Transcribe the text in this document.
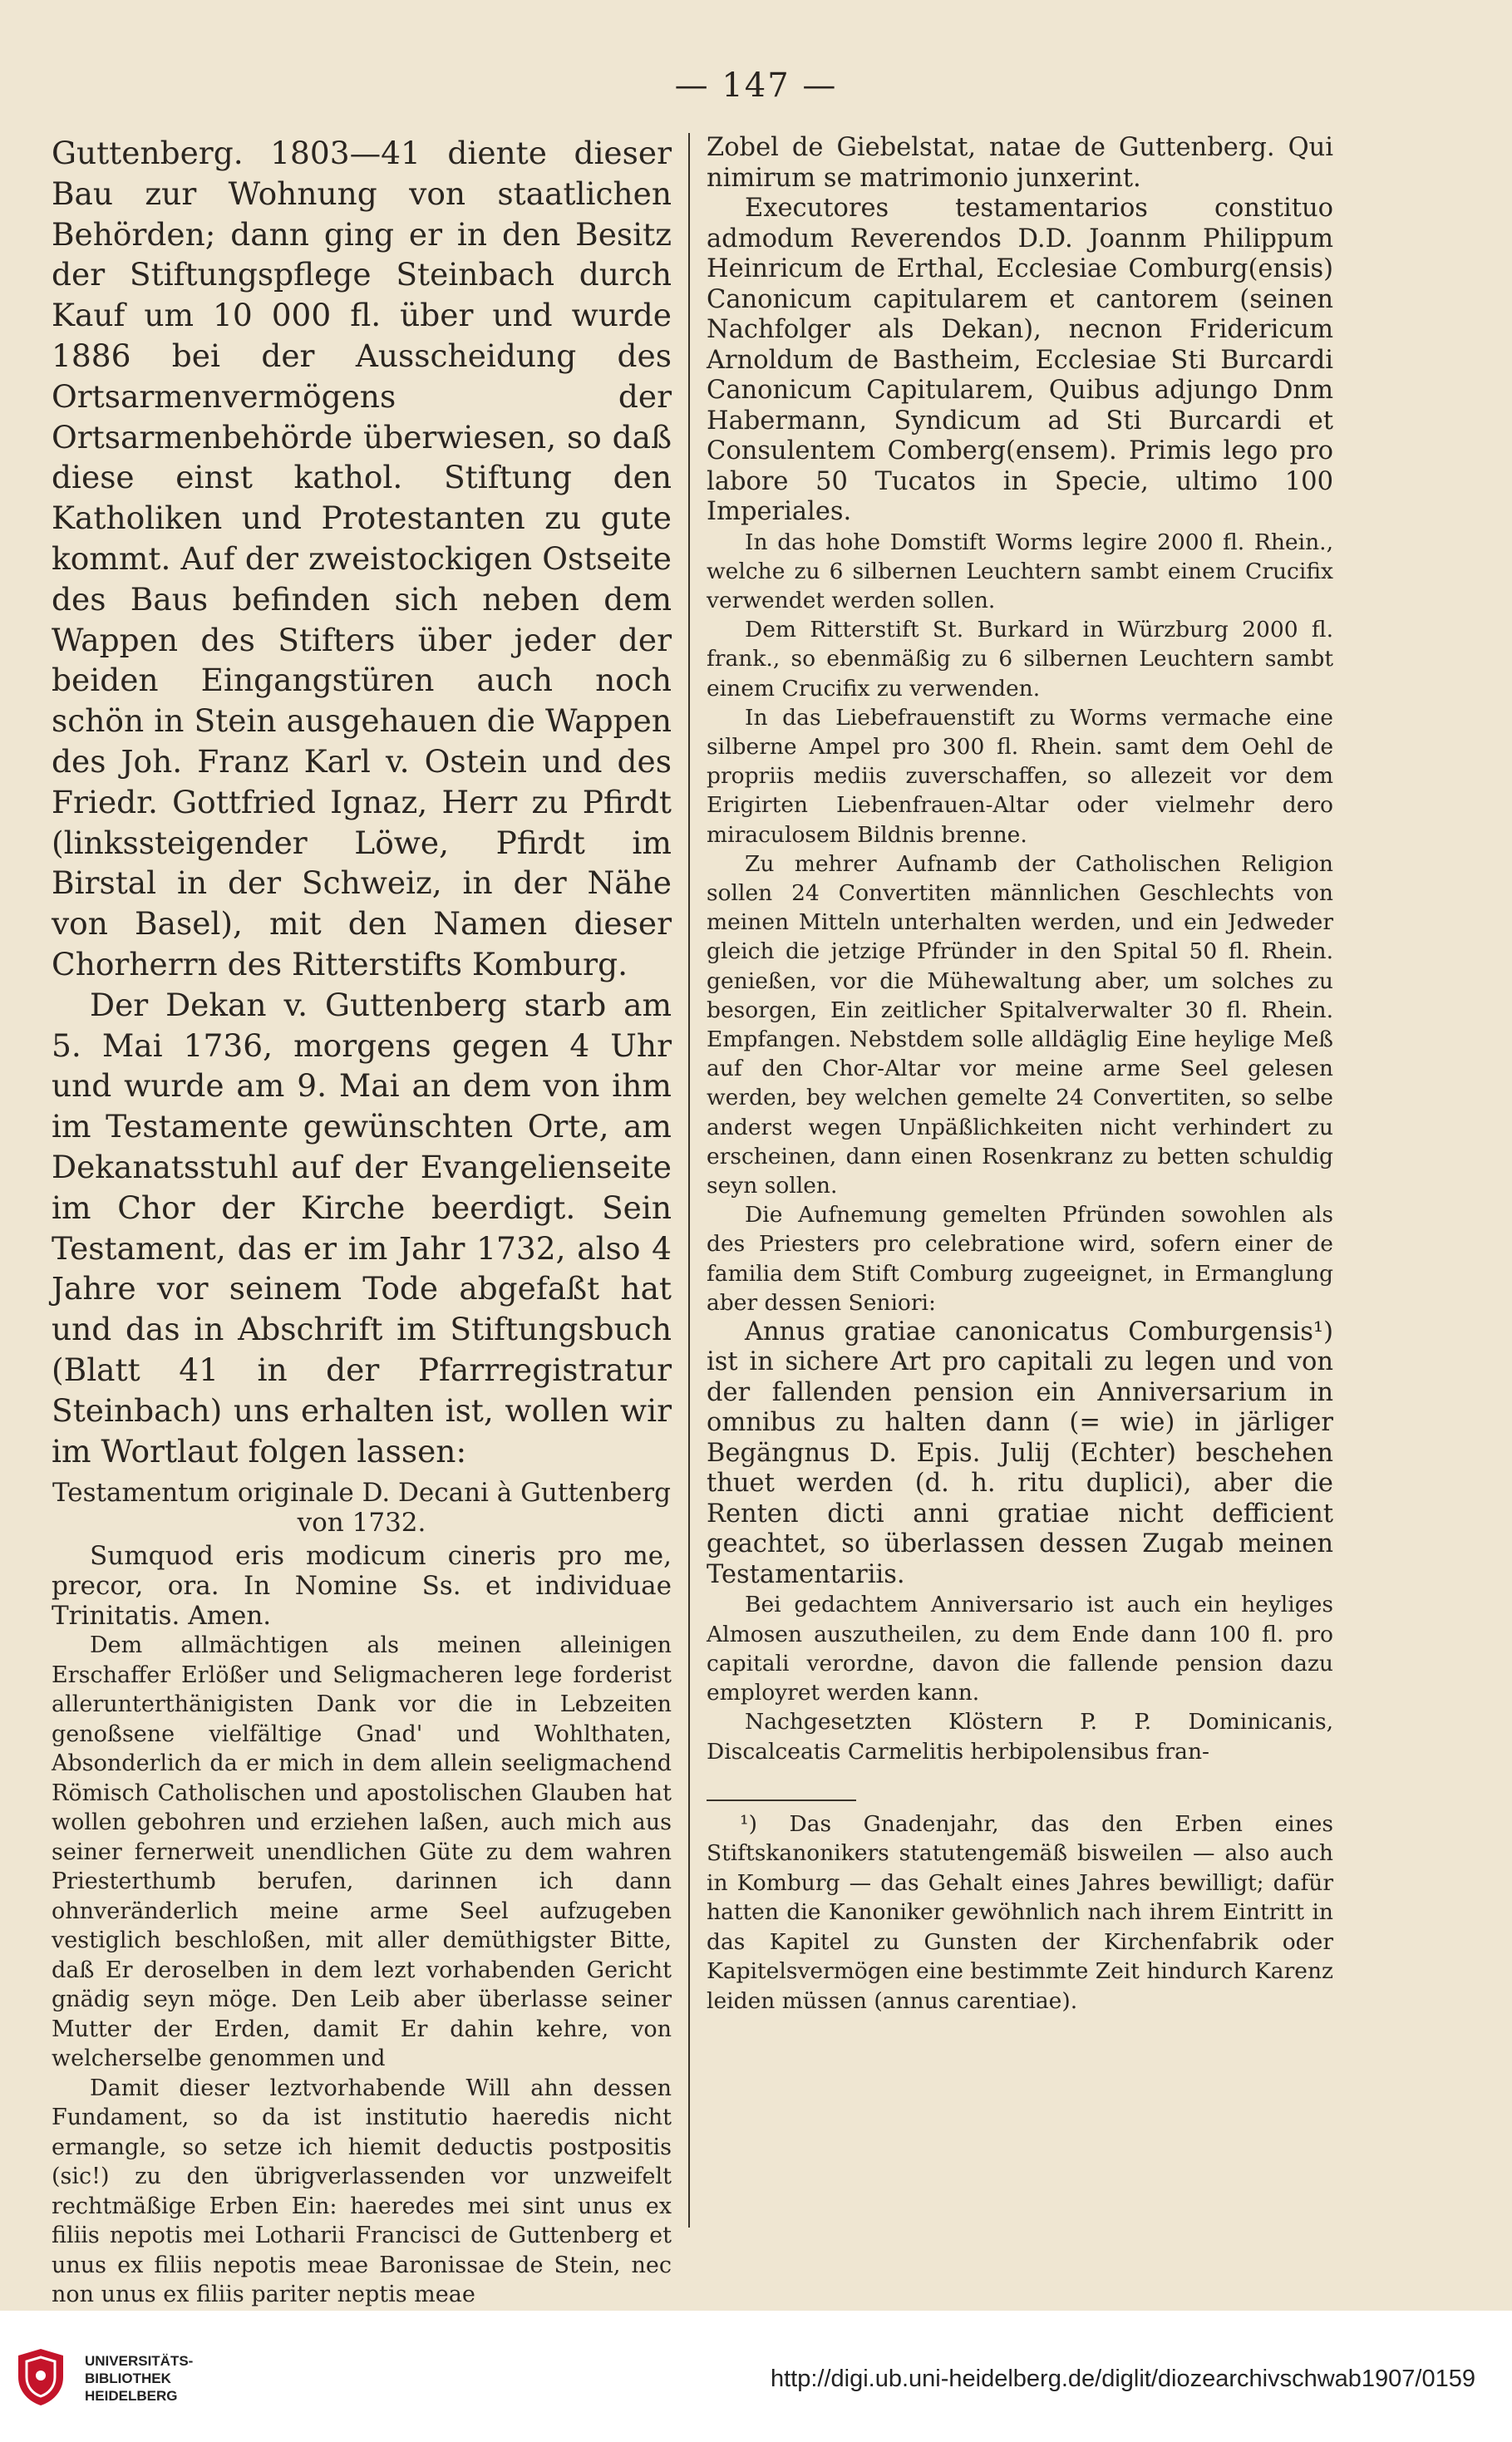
— 147 —

Guttenberg. 1803—41 diente dieser Bau zur Wohnung von staatlichen Behörden; dann ging er in den Besitz der Stiftungspflege Steinbach durch Kauf um 10 000 fl. über und wurde 1886 bei der Ausscheidung des Ortsarmenvermögens der Ortsarmenbehörde überwiesen, so daß diese einst kathol. Stiftung den Katholiken und Protestanten zu gute kommt. Auf der zweistockigen Ostseite des Baus befinden sich neben dem Wappen des Stifters über jeder der beiden Eingangstüren auch noch schön in Stein ausgehauen die Wappen des Joh. Franz Karl v. Ostein und des Friedr. Gottfried Ignaz, Herr zu Pfirdt (linkssteigender Löwe, Pfirdt im Birstal in der Schweiz, in der Nähe von Basel), mit den Namen dieser Chorherrn des Ritterstifts Komburg.

Der Dekan v. Guttenberg starb am 5. Mai 1736, morgens gegen 4 Uhr und wurde am 9. Mai an dem von ihm im Testamente gewünschten Orte, am Dekanatsstuhl auf der Evangelienseite im Chor der Kirche beerdigt. Sein Testament, das er im Jahr 1732, also 4 Jahre vor seinem Tode abgefaßt hat und das in Abschrift im Stiftungsbuch (Blatt 41 in der Pfarrregistratur Steinbach) uns erhalten ist, wollen wir im Wortlaut folgen lassen:

Testamentum originale D. Decani à Guttenberg von 1732.

Sumquod eris modicum cineris pro me, precor, ora. In Nomine Ss. et individuae Trinitatis. Amen.

Dem allmächtigen als meinen alleinigen Erschaffer Erlößer und Seligmacheren lege forderist allerunterthänigisten Dank vor die in Lebzeiten genoßsene vielfältige Gnad' und Wohlthaten, Absonderlich da er mich in dem allein seeligmachend Römisch Catholischen und apostolischen Glauben hat wollen gebohren und erziehen laßen, auch mich aus seiner fernerweit unendlichen Güte zu dem wahren Priesterthumb berufen, darinnen ich dann ohnveränderlich meine arme Seel aufzugeben vestiglich beschloßen, mit aller demüthigster Bitte, daß Er deroselben in dem lezt vorhabenden Gericht gnädig seyn möge. Den Leib aber überlasse seiner Mutter der Erden, damit Er dahin kehre, von welcherselbe genommen und

Damit dieser leztvorhabende Will ahn dessen Fundament, so da ist institutio haeredis nicht ermangle, so setze ich hiemit deductis postpositis (sic!) zu den übrigverlassenden vor unzweifelt rechtmäßige Erben Ein: haeredes mei sint unus ex filiis nepotis mei Lotharii Francisci de Guttenberg et unus ex filiis nepotis meae Baronissae de Stein, nec non unus ex filiis pariter neptis meae

Zobel de Giebelstat, natae de Guttenberg. Qui nimirum se matrimonio junxerint.

Executores testamentarios constituo admodum Reverendos D.D. Joannm Philippum Heinricum de Erthal, Ecclesiae Comburg(ensis) Canonicum capitularem et cantorem (seinen Nachfolger als Dekan), necnon Fridericum Arnoldum de Bastheim, Ecclesiae Sti Burcardi Canonicum Capitularem, Quibus adjungo Dnm Habermann, Syndicum ad Sti Burcardi et Consulentem Comberg(ensem). Primis lego pro labore 50 Tucatos in Specie, ultimo 100 Imperiales.

In das hohe Domstift Worms legire 2000 fl. Rhein., welche zu 6 silbernen Leuchtern sambt einem Crucifix verwendet werden sollen.

Dem Ritterstift St. Burkard in Würzburg 2000 fl. frank., so ebenmäßig zu 6 silbernen Leuchtern sambt einem Crucifix zu verwenden.

In das Liebefrauenstift zu Worms vermache eine silberne Ampel pro 300 fl. Rhein. samt dem Oehl de propriis mediis zuverschaffen, so allezeit vor dem Erigirten Liebenfrauen-Altar oder vielmehr dero miraculosem Bildnis brenne.

Zu mehrer Aufnamb der Catholischen Religion sollen 24 Convertiten männlichen Geschlechts von meinen Mitteln unterhalten werden, und ein Jedweder gleich die jetzige Pfründer in den Spital 50 fl. Rhein. genießen, vor die Mühewaltung aber, um solches zu besorgen, Ein zeitlicher Spitalverwalter 30 fl. Rhein. Empfangen. Nebstdem solle alldäglig Eine heylige Meß auf den Chor-Altar vor meine arme Seel gelesen werden, bey welchen gemelte 24 Convertiten, so selbe anderst wegen Unpäßlichkeiten nicht verhindert zu erscheinen, dann einen Rosenkranz zu betten schuldig seyn sollen.

Die Aufnemung gemelten Pfründen sowohlen als des Priesters pro celebratione wird, sofern einer de familia dem Stift Comburg zugeeignet, in Ermanglung aber dessen Seniori:

Annus gratiae canonicatus Comburgensis¹) ist in sichere Art pro capitali zu legen und von der fallenden pension ein Anniversarium in omnibus zu halten dann (= wie) in järliger Begängnus D. Epis. Julij (Echter) beschehen thuet werden (d. h. ritu duplici), aber die Renten dicti anni gratiae nicht defficient geachtet, so überlassen dessen Zugab meinen Testamentariis.

Bei gedachtem Anniversario ist auch ein heyliges Almosen auszutheilen, zu dem Ende dann 100 fl. pro capitali verordne, davon die fallende pension dazu employret werden kann.

Nachgesetzten Klöstern P. P. Dominicanis, Discalceatis Carmelitis herbipolensibus fran-

¹) Das Gnadenjahr, das den Erben eines Stiftskanonikers statutengemäß bisweilen — also auch in Komburg — das Gehalt eines Jahres bewilligt; dafür hatten die Kanoniker gewöhnlich nach ihrem Eintritt in das Kapitel zu Gunsten der Kirchenfabrik oder Kapitelsvermögen eine bestimmte Zeit hindurch Karenz leiden müssen (annus carentiae).

UNIVERSITÄTS-
BIBLIOTHEK
HEIDELBERG
http://digi.ub.uni-heidelberg.de/diglit/diozearchivschwab1907/0159
